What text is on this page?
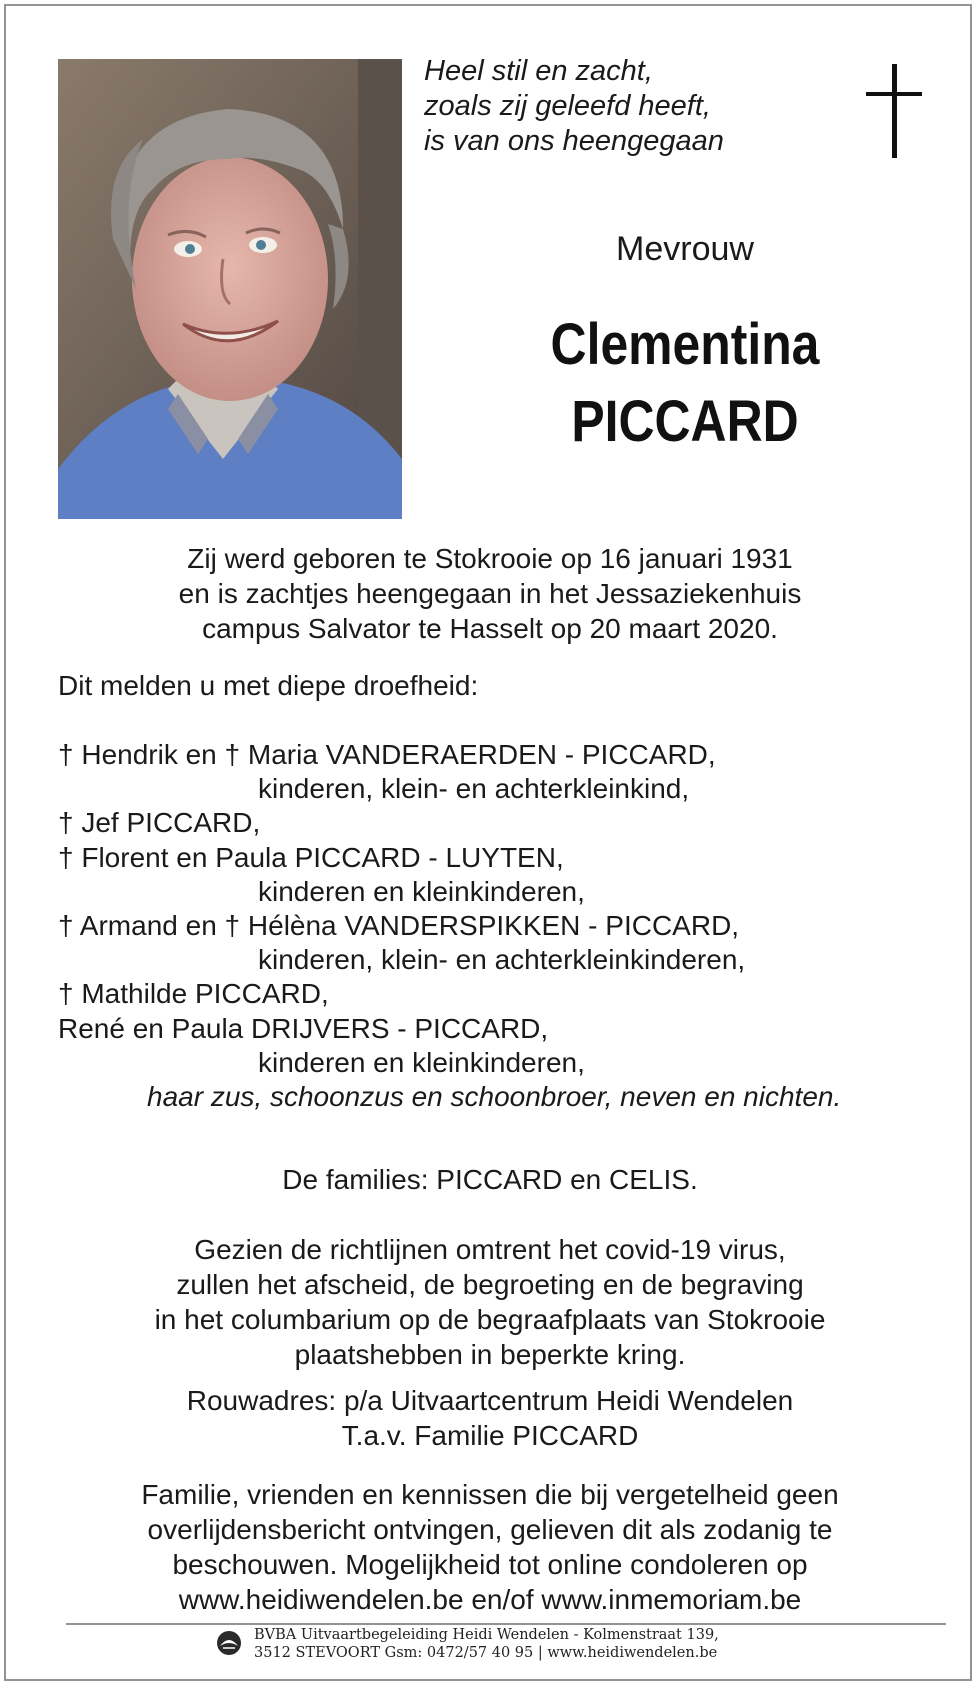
Heel stil en zacht,
zoals zij geleefd heeft,
is van ons heengegaan
Mevrouw
Clementina
PICCARD
Zij werd geboren te Stokrooie op 16 januari 1931
en is zachtjes heengegaan in het Jessaziekenhuis
campus Salvator te Hasselt op 20 maart 2020.
Dit melden u met diepe droefheid:
† Hendrik en † Maria VANDERAERDEN - PICCARD,
kinderen, klein- en achterkleinkind,
† Jef PICCARD,
† Florent en Paula PICCARD - LUYTEN,
kinderen en kleinkinderen,
† Armand en † Hélèna VANDERSPIKKEN - PICCARD,
kinderen, klein- en achterkleinkinderen,
† Mathilde PICCARD,
René en Paula DRIJVERS - PICCARD,
kinderen en kleinkinderen,
haar zus, schoonzus en schoonbroer, neven en nichten.
De families: PICCARD en CELIS.
Gezien de richtlijnen omtrent het covid-19 virus,
zullen het afscheid, de begroeting en de begraving
in het columbarium op de begraafplaats van Stokrooie
plaatshebben in beperkte kring.
Rouwadres: p/a Uitvaartcentrum Heidi Wendelen
T.a.v. Familie PICCARD
Familie, vrienden en kennissen die bij vergetelheid geen
overlijdensbericht ontvingen, gelieven dit als zodanig te
beschouwen. Mogelijkheid tot online condoleren op
www.heidiwendelen.be en/of www.inmemoriam.be
BVBA Uitvaartbegeleiding Heidi Wendelen - Kolmenstraat 139,
3512 STEVOORT Gsm: 0472/57 40 95 | www.heidiwendelen.be
